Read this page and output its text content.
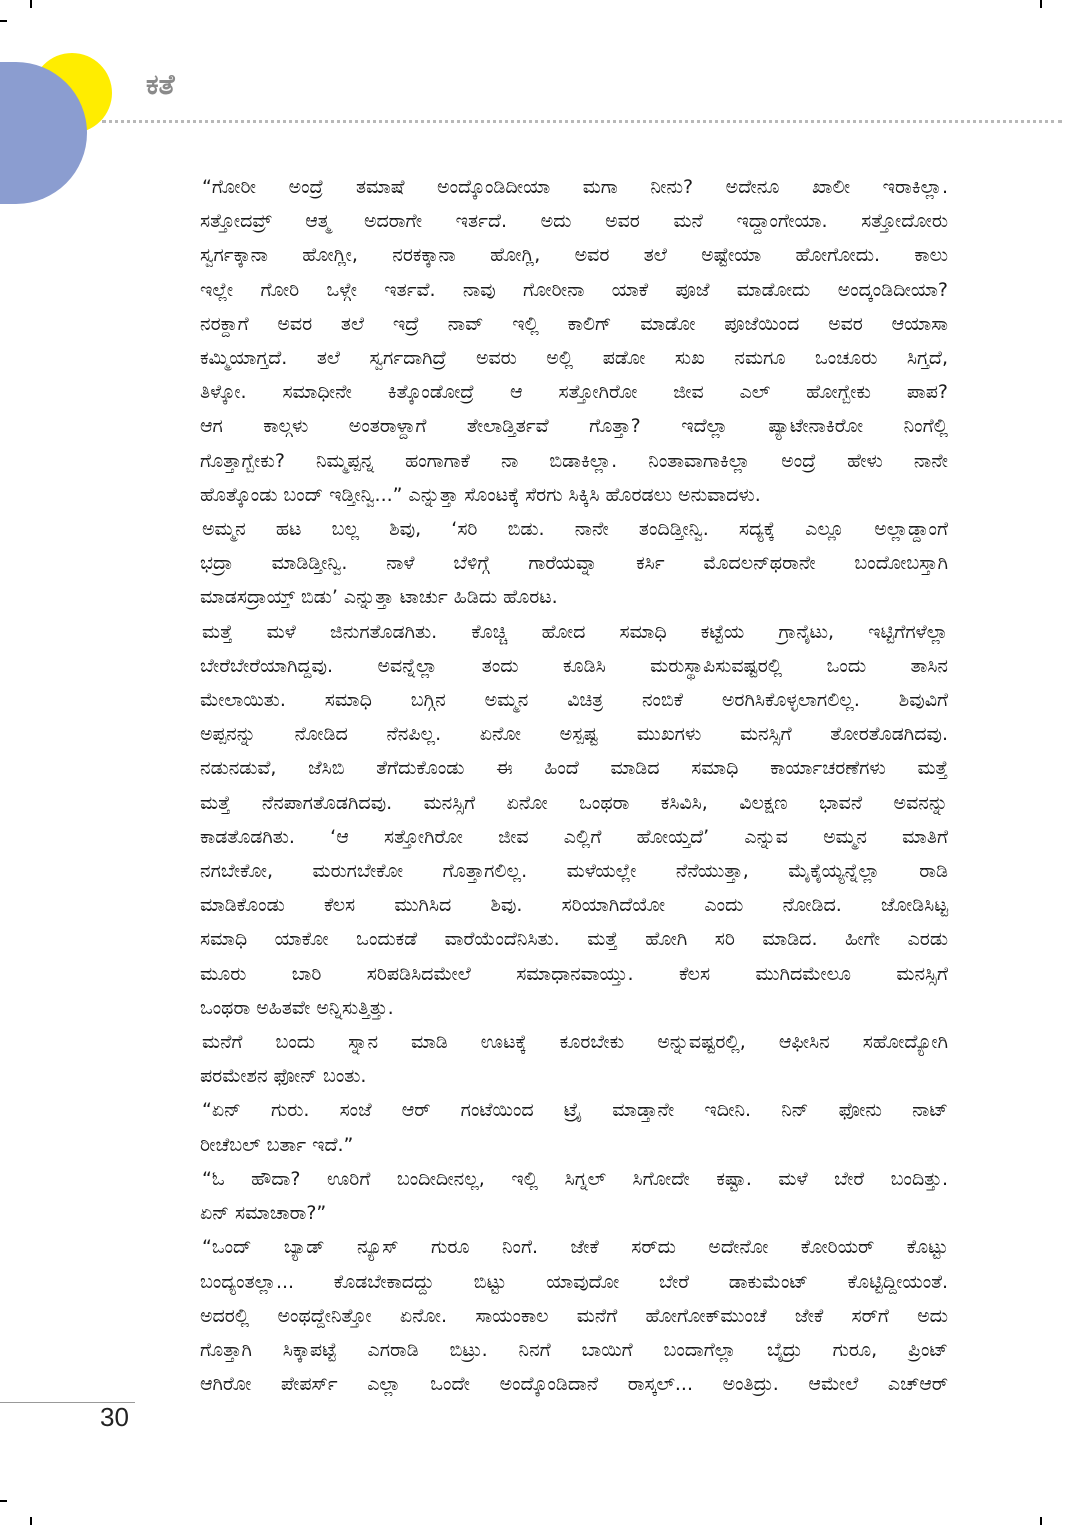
ಕತೆ
“ಗೋರೀ ಅಂದ್ರೆ ತಮಾಷೆ ಅಂದ್ಕೊಂಡಿದೀಯಾ ಮಗಾ ನೀನು? ಅದೇನೂ ಖಾಲೀ ಇರಾಕಿಲ್ಲಾ.
ಸತ್ತೋದವ್ರ್ ಆತ್ಮ ಅದರಾಗೇ ಇರ್ತದೆ. ಅದು ಅವರ ಮನೆ ಇದ್ದಾಂಗೇಯಾ. ಸತ್ತೋದೋರು
ಸ್ವರ್ಗಕ್ಕಾನಾ ಹೋಗ್ಲೀ, ನರಕಕ್ಕಾನಾ ಹೋಗ್ಲಿ, ಅವರ ತಲೆ ಅಷ್ಟೇಯಾ ಹೋಗೋದು. ಕಾಲು
ಇಲ್ಲೇ ಗೋರಿ ಒಳ್ಗೇ ಇರ್ತವೆ. ನಾವು ಗೋರೀನಾ ಯಾಕೆ ಪೂಜೆ ಮಾಡೋದು ಅಂದ್ಕಂಡಿದೀಯಾ?
ನರಕ್ದಾಗೆ ಅವರ ತಲೆ ಇದ್ರೆ ನಾವ್ ಇಲ್ಲಿ ಕಾಲಿಗ್ ಮಾಡೋ ಪೂಜೆಯಿಂದ ಅವರ ಆಯಾಸಾ
ಕಮ್ಮಿಯಾಗ್ತದೆ. ತಲೆ ಸ್ವರ್ಗದಾಗಿದ್ರೆ ಅವರು ಅಲ್ಲಿ ಪಡೋ ಸುಖ ನಮಗೂ ಒಂಚೂರು ಸಿಗ್ತದೆ,
ತಿಳ್ಕೋ. ಸಮಾಧೀನೇ ಕಿತ್ಕೊಂಡೋದ್ರೆ ಆ ಸತ್ತೋಗಿರೋ ಜೀವ ಎಲ್ ಹೋಗ್ಬೇಕು ಪಾಪ?
ಆಗ ಕಾಲ್ಗಳು ಅಂತರಾಳ್ದಾಗೆ ತೇಲಾಡ್ತಿರ್ತವೆ ಗೊತ್ತಾ? ಇದೆಲ್ಲಾ ಪ್ಯಾಟೇನಾಕಿರೋ ನಿಂಗೆಲ್ಲಿ
ಗೊತ್ತಾಗ್ಬೇಕು? ನಿಮ್ಮಪ್ಪನ್ನ ಹಂಗಾಗಾಕೆ ನಾ ಬಿಡಾಕಿಲ್ಲಾ. ನಿಂತಾವಾಗಾಕಿಲ್ಲಾ ಅಂದ್ರೆ ಹೇಳು ನಾನೇ
ಹೊತ್ಕೊಂಡು ಬಂದ್ ಇಡ್ತೀನ್ವಿ...” ಎನ್ನುತ್ತಾ ಸೊಂಟಕ್ಕೆ ಸೆರಗು ಸಿಕ್ಕಿಸಿ ಹೊರಡಲು ಅನುವಾದಳು.
ಅಮ್ಮನ ಹಟ ಬಲ್ಲ ಶಿವು, ‘ಸರಿ ಬಿಡು. ನಾನೇ ತಂದಿಡ್ತೀನ್ವಿ. ಸದ್ಯಕ್ಕೆ ಎಲ್ಲೂ ಅಲ್ಲಾಡ್ದಾಂಗೆ
ಭದ್ರಾ ಮಾಡಿಡ್ತೀನ್ವಿ. ನಾಳೆ ಬೆಳಿಗ್ಗೆ ಗಾರೆಯವ್ನಾ ಕರ್ಸಿ ಮೊದಲನ್‌ಥರಾನೇ ಬಂದೋಬಸ್ತಾಗಿ
ಮಾಡಸದ್ರಾಯ್ತ್ ಬಿಡು’ ಎನ್ನುತ್ತಾ ಟಾರ್ಚು ಹಿಡಿದು ಹೊರಟ.
ಮತ್ತೆ ಮಳೆ ಜಿನುಗತೊಡಗಿತು. ಕೊಚ್ಚಿ ಹೋದ ಸಮಾಧಿ ಕಟ್ಟೆಯ ಗ್ರಾನೈಟು, ಇಟ್ಟಿಗೆಗಳೆಲ್ಲಾ
ಬೇರೆಬೇರೆಯಾಗಿದ್ದವು. ಅವನ್ನೆಲ್ಲಾ ತಂದು ಕೂಡಿಸಿ ಮರುಸ್ಥಾಪಿಸುವಷ್ಟರಲ್ಲಿ ಒಂದು ತಾಸಿನ
ಮೇಲಾಯಿತು. ಸಮಾಧಿ ಬಗ್ಗಿನ ಅಮ್ಮನ ವಿಚಿತ್ರ ನಂಬಿಕೆ ಅರಗಿಸಿಕೊಳ್ಳಲಾಗಲಿಲ್ಲ. ಶಿವುವಿಗೆ
ಅಪ್ಪನನ್ನು ನೋಡಿದ ನೆನಪಿಲ್ಲ. ಏನೋ ಅಸ್ಪಷ್ಟ ಮುಖಗಳು ಮನಸ್ಸಿಗೆ ತೋರತೊಡಗಿದವು.
ನಡುನಡುವೆ, ಜೆಸಿಬಿ ತೆಗೆದುಕೊಂಡು ಈ ಹಿಂದೆ ಮಾಡಿದ ಸಮಾಧಿ ಕಾರ್ಯಾಚರಣೆಗಳು ಮತ್ತೆ
ಮತ್ತೆ ನೆನಪಾಗತೊಡಗಿದವು. ಮನಸ್ಸಿಗೆ ಏನೋ ಒಂಥರಾ ಕಸಿವಿಸಿ, ವಿಲಕ್ಷಣ ಭಾವನೆ ಅವನನ್ನು
ಕಾಡತೊಡಗಿತು. ‘ಆ ಸತ್ತೋಗಿರೋ ಜೀವ ಎಲ್ಲಿಗೆ ಹೋಯ್ತದೆ’ ಎನ್ನುವ ಅಮ್ಮನ ಮಾತಿಗೆ
ನಗಬೇಕೋ, ಮರುಗಬೇಕೋ ಗೊತ್ತಾಗಲಿಲ್ಲ. ಮಳೆಯಲ್ಲೇ ನೆನೆಯುತ್ತಾ, ಮೈಕೈಯ್ಯನ್ನೆಲ್ಲಾ ರಾಡಿ
ಮಾಡಿಕೊಂಡು ಕೆಲಸ ಮುಗಿಸಿದ ಶಿವು. ಸರಿಯಾಗಿದೆಯೋ ಎಂದು ನೋಡಿದ. ಜೋಡಿಸಿಟ್ಟ
ಸಮಾಧಿ ಯಾಕೋ ಒಂದುಕಡೆ ವಾರೆಯೆಂದೆನಿಸಿತು. ಮತ್ತೆ ಹೋಗಿ ಸರಿ ಮಾಡಿದ. ಹೀಗೇ ಎರಡು
ಮೂರು ಬಾರಿ ಸರಿಪಡಿಸಿದಮೇಲೆ ಸಮಾಧಾನವಾಯ್ತು. ಕೆಲಸ ಮುಗಿದಮೇಲೂ ಮನಸ್ಸಿಗೆ
ಒಂಥರಾ ಅಹಿತವೇ ಅನ್ನಿಸುತ್ತಿತ್ತು.
ಮನೆಗೆ ಬಂದು ಸ್ನಾನ ಮಾಡಿ ಊಟಕ್ಕೆ ಕೂರಬೇಕು ಅನ್ನುವಷ್ಟರಲ್ಲಿ, ಆಫೀಸಿನ ಸಹೋದ್ಯೋಗಿ
ಪರಮೇಶನ ಫೋನ್ ಬಂತು.
“ಏನ್ ಗುರು. ಸಂಜೆ ಆರ್ ಗಂಟೆಯಿಂದ ಟ್ರೈ ಮಾಡ್ತಾನೇ ಇದೀನಿ. ನಿನ್ ಫೋನು ನಾಟ್
ರೀಚೆಬಲ್ ಬರ್ತಾ ಇದೆ.”
“ಓ ಹೌದಾ? ಊರಿಗೆ ಬಂದೀದೀನಲ್ಲ, ಇಲ್ಲಿ ಸಿಗ್ನಲ್ ಸಿಗೋದೇ ಕಷ್ಟಾ. ಮಳೆ ಬೇರೆ ಬಂದಿತ್ತು.
ಏನ್ ಸಮಾಚಾರಾ?”
“ಒಂದ್ ಬ್ಯಾಡ್ ನ್ಯೂಸ್ ಗುರೂ ನಿಂಗೆ. ಜೇಕೆ ಸರ್‌ದು ಅದೇನೋ ಕೋರಿಯರ್ ಕೊಟ್ಟು
ಬಂದ್ಯಂತಲ್ಲಾ... ಕೊಡಬೇಕಾದದ್ದು ಬಿಟ್ಟು ಯಾವುದೋ ಬೇರೆ ಡಾಕುಮೆಂಟ್ ಕೊಟ್ಟಿದ್ದೀಯಂತೆ.
ಅದರಲ್ಲಿ ಅಂಥದ್ದೇನಿತ್ತೋ ಏನೋ. ಸಾಯಂಕಾಲ ಮನೆಗೆ ಹೋಗೋಕ್‌ಮುಂಚೆ ಜೇಕೆ ಸರ್‌ಗೆ ಅದು
ಗೊತ್ತಾಗಿ ಸಿಕ್ಕಾಪಟ್ಟೆ ಎಗರಾಡಿ ಬಿಟ್ರು. ನಿನಗೆ ಬಾಯಿಗೆ ಬಂದಾಗೆಲ್ಲಾ ಬೈದ್ರು ಗುರೂ, ಪ್ರಿಂಟ್
ಆಗಿರೋ ಪೇಪರ್ಸ್ ಎಲ್ಲಾ ಒಂದೇ ಅಂದ್ಕೊಂಡಿದಾನೆ ರಾಸ್ಕಲ್... ಅಂತಿದ್ರು. ಆಮೇಲೆ ಎಚ್‌ಆರ್
30
